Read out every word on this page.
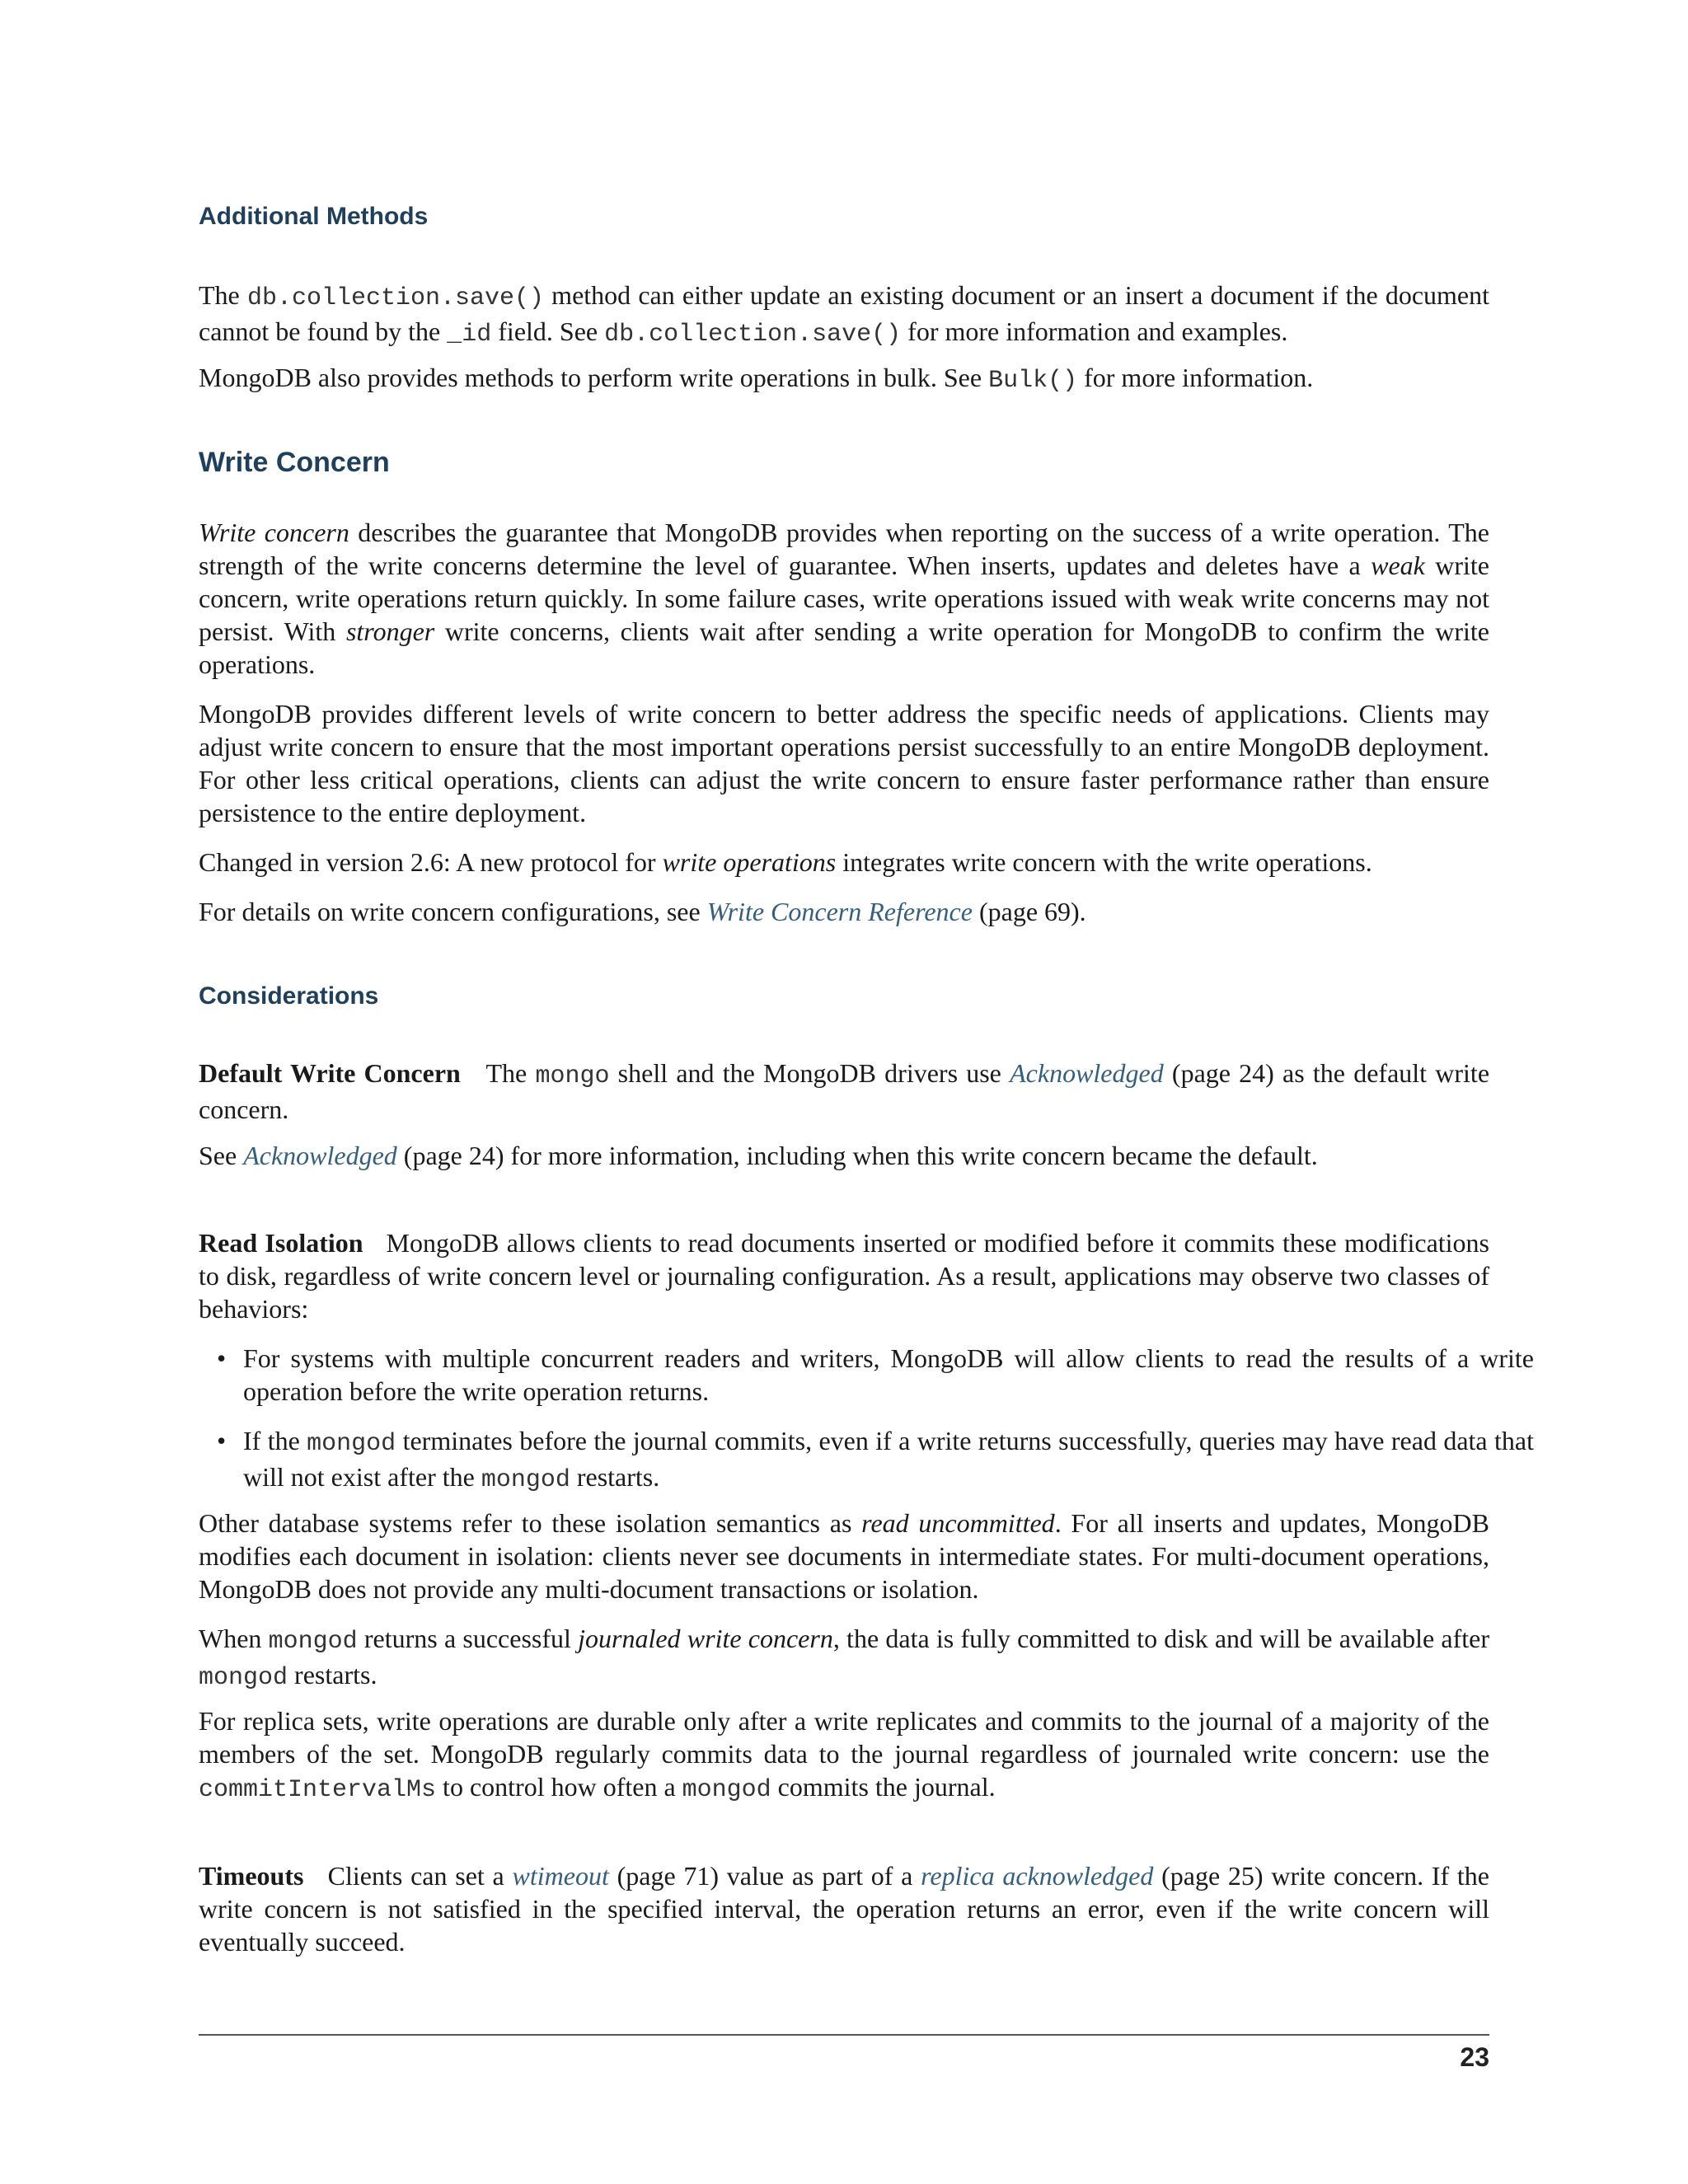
Additional Methods

The db.collection.save() method can either update an existing document or an insert a document if the document cannot be found by the _id field. See db.collection.save() for more information and examples.

MongoDB also provides methods to perform write operations in bulk. See Bulk() for more information.

Write Concern

Write concern describes the guarantee that MongoDB provides when reporting on the success of a write operation. The strength of the write concerns determine the level of guarantee. When inserts, updates and deletes have a weak write concern, write operations return quickly. In some failure cases, write operations issued with weak write concerns may not persist. With stronger write concerns, clients wait after sending a write operation for MongoDB to confirm the write operations.

MongoDB provides different levels of write concern to better address the specific needs of applications. Clients may adjust write concern to ensure that the most important operations persist successfully to an entire MongoDB deployment. For other less critical operations, clients can adjust the write concern to ensure faster performance rather than ensure persistence to the entire deployment.

Changed in version 2.6: A new protocol for write operations integrates write concern with the write operations.

For details on write concern configurations, see Write Concern Reference (page 69).

Considerations

Default Write Concern The mongo shell and the MongoDB drivers use Acknowledged (page 24) as the default write concern.

See Acknowledged (page 24) for more information, including when this write concern became the default.

Read Isolation MongoDB allows clients to read documents inserted or modified before it commits these modifications to disk, regardless of write concern level or journaling configuration. As a result, applications may observe two classes of behaviors:

• For systems with multiple concurrent readers and writers, MongoDB will allow clients to read the results of a write operation before the write operation returns.
• If the mongod terminates before the journal commits, even if a write returns successfully, queries may have read data that will not exist after the mongod restarts.

Other database systems refer to these isolation semantics as read uncommitted. For all inserts and updates, MongoDB modifies each document in isolation: clients never see documents in intermediate states. For multi-document operations, MongoDB does not provide any multi-document transactions or isolation.

When mongod returns a successful journaled write concern, the data is fully committed to disk and will be available after mongod restarts.

For replica sets, write operations are durable only after a write replicates and commits to the journal of a majority of the members of the set. MongoDB regularly commits data to the journal regardless of journaled write concern: use the commitIntervalMs to control how often a mongod commits the journal.

Timeouts Clients can set a wtimeout (page 71) value as part of a replica acknowledged (page 25) write concern. If the write concern is not satisfied in the specified interval, the operation returns an error, even if the write concern will eventually succeed.

23
